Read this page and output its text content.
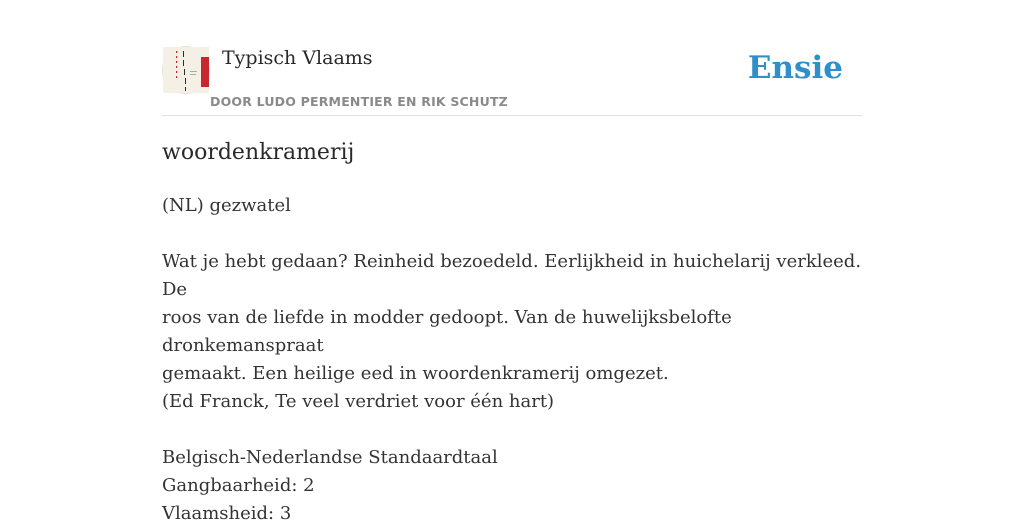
Typisch Vlaams
DOOR LUDO PERMENTIER EN RIK SCHUTZ
Ensie
woordenkramerij

(NL) gezwatel

Wat je hebt gedaan? Reinheid bezoedeld. Eerlijkheid in huichelarij verkleed. De

roos van de liefde in modder gedoopt. Van de huwelijksbelofte dronkemanspraat

gemaakt. Een heilige eed in woordenkramerij omgezet.

(Ed Franck, Te veel verdriet voor één hart)

Belgisch-Nederlandse Standaardtaal

Gangbaarheid: 2

Vlaamsheid: 3
